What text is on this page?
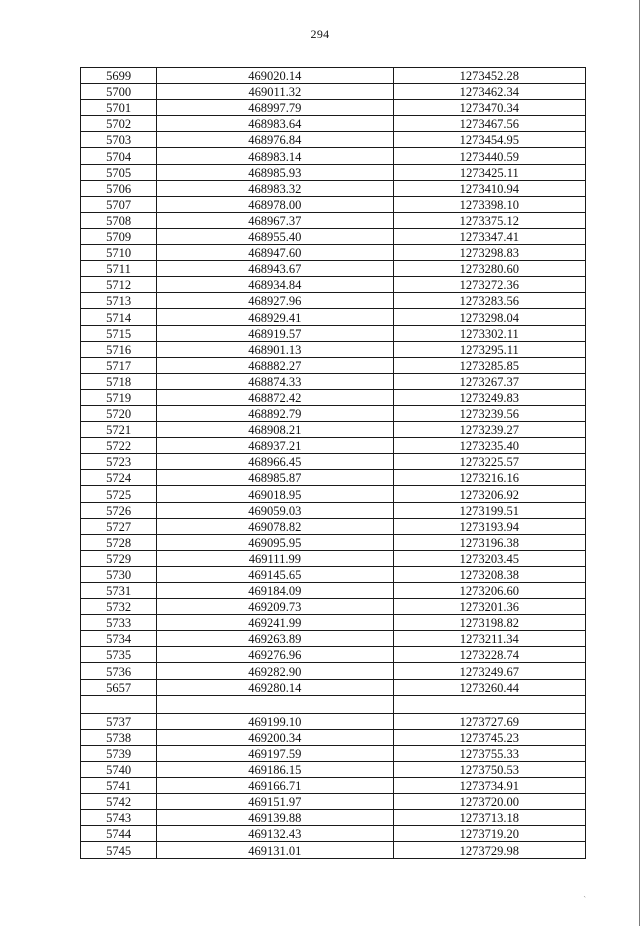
294
5699	469020.14	1273452.28
5700	469011.32	1273462.34
5701	468997.79	1273470.34
5702	468983.64	1273467.56
5703	468976.84	1273454.95
5704	468983.14	1273440.59
5705	468985.93	1273425.11
5706	468983.32	1273410.94
5707	468978.00	1273398.10
5708	468967.37	1273375.12
5709	468955.40	1273347.41
5710	468947.60	1273298.83
5711	468943.67	1273280.60
5712	468934.84	1273272.36
5713	468927.96	1273283.56
5714	468929.41	1273298.04
5715	468919.57	1273302.11
5716	468901.13	1273295.11
5717	468882.27	1273285.85
5718	468874.33	1273267.37
5719	468872.42	1273249.83
5720	468892.79	1273239.56
5721	468908.21	1273239.27
5722	468937.21	1273235.40
5723	468966.45	1273225.57
5724	468985.87	1273216.16
5725	469018.95	1273206.92
5726	469059.03	1273199.51
5727	469078.82	1273193.94
5728	469095.95	1273196.38
5729	469111.99	1273203.45
5730	469145.65	1273208.38
5731	469184.09	1273206.60
5732	469209.73	1273201.36
5733	469241.99	1273198.82
5734	469263.89	1273211.34
5735	469276.96	1273228.74
5736	469282.90	1273249.67
5657	469280.14	1273260.44

5737	469199.10	1273727.69
5738	469200.34	1273745.23
5739	469197.59	1273755.33
5740	469186.15	1273750.53
5741	469166.71	1273734.91
5742	469151.97	1273720.00
5743	469139.88	1273713.18
5744	469132.43	1273719.20
5745	469131.01	1273729.98
`
